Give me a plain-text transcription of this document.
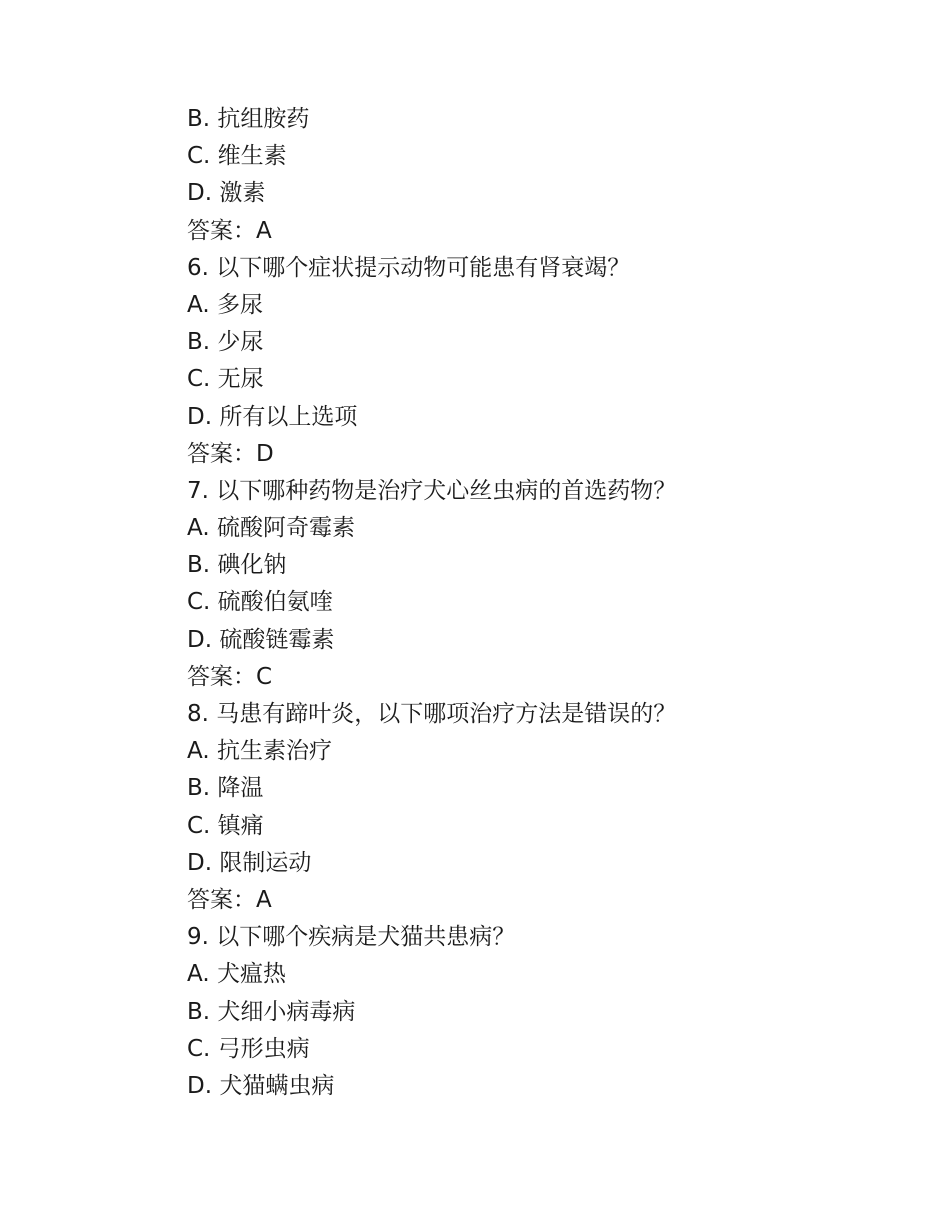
B. 抗组胺药
C. 维生素
D. 激素
答案：A
6. 以下哪个症状提示动物可能患有肾衰竭？
A. 多尿
B. 少尿
C. 无尿
D. 所有以上选项
答案：D
7. 以下哪种药物是治疗犬心丝虫病的首选药物？
A. 硫酸阿奇霉素
B. 碘化钠
C. 硫酸伯氨喹
D. 硫酸链霉素
答案：C
8. 马患有蹄叶炎，以下哪项治疗方法是错误的？
A. 抗生素治疗
B. 降温
C. 镇痛
D. 限制运动
答案：A
9. 以下哪个疾病是犬猫共患病？
A. 犬瘟热
B. 犬细小病毒病
C. 弓形虫病
D. 犬猫螨虫病
